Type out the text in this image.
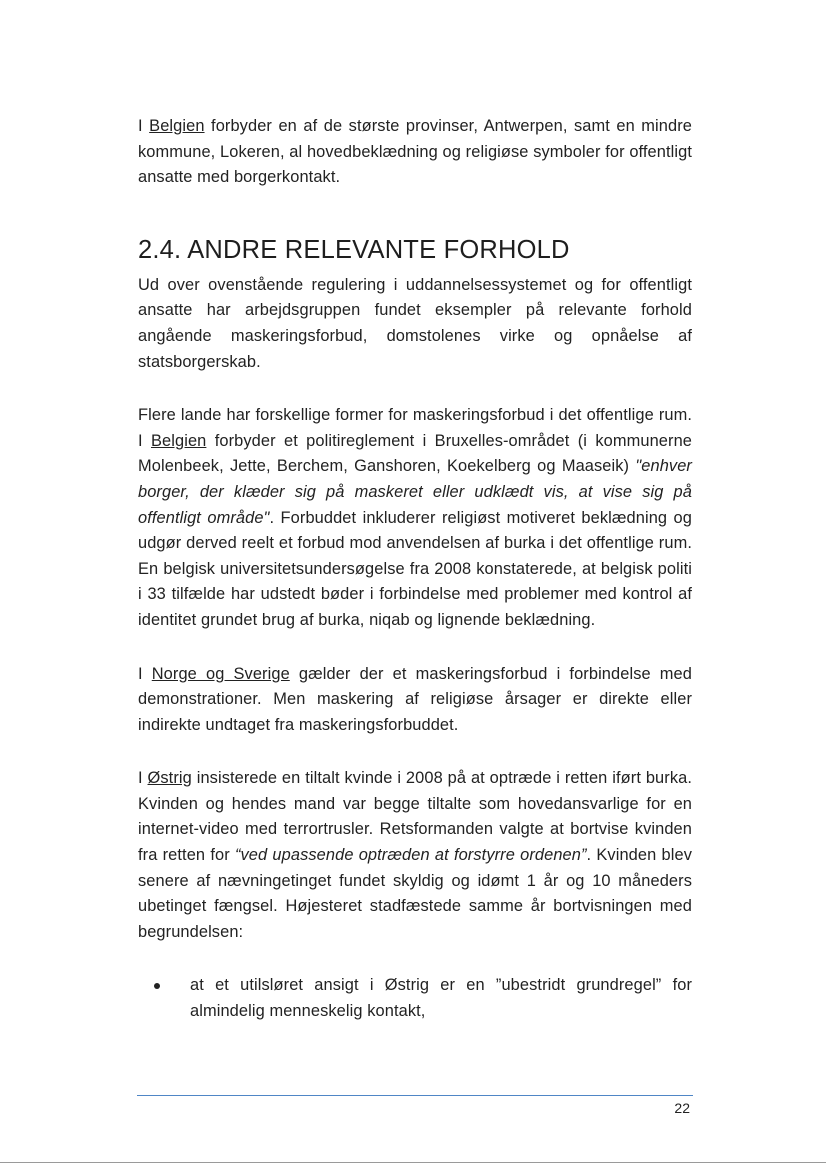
I Belgien forbyder en af de største provinser, Antwerpen, samt en mindre kommune, Lokeren, al hovedbeklædning og religiøse symboler for offentligt ansatte med borgerkontakt.

2.4. ANDRE RELEVANTE FORHOLD

Ud over ovenstående regulering i uddannelsessystemet og for offentligt ansatte har arbejdsgruppen fundet eksempler på relevante forhold angående maskeringsforbud, domstolenes virke og opnåelse af statsborgerskab.

Flere lande har forskellige former for maskeringsforbud i det offentlige rum. I Belgien forbyder et politireglement i Bruxelles-området (i kommunerne Molenbeek, Jette, Berchem, Ganshoren, Koekelberg og Maaseik) "enhver borger, der klæder sig på maskeret eller udklædt vis, at vise sig på offentligt område". Forbuddet inkluderer religiøst motiveret beklædning og udgør derved reelt et forbud mod anvendelsen af burka i det offentlige rum. En belgisk universitetsundersøgelse fra 2008 konstaterede, at belgisk politi i 33 tilfælde har udstedt bøder i forbindelse med problemer med kontrol af identitet grundet brug af burka, niqab og lignende beklædning.

I Norge og Sverige gælder der et maskeringsforbud i forbindelse med demonstrationer. Men maskering af religiøse årsager er direkte eller indirekte undtaget fra maskeringsforbuddet.

I Østrig insisterede en tiltalt kvinde i 2008 på at optræde i retten iført burka. Kvinden og hendes mand var begge tiltalte som hovedansvarlige for en internet-video med terrortrusler. Retsformanden valgte at bortvise kvinden fra retten for “ved upassende optræden at forstyrre ordenen”. Kvinden blev senere af nævningetinget fundet skyldig og idømt 1 år og 10 måneders ubetinget fængsel. Højesteret stadfæstede samme år bortvisningen med begrundelsen:

at et utilsløret ansigt i Østrig er en ”ubestridt grundregel” for almindelig menneskelig kontakt,

22
